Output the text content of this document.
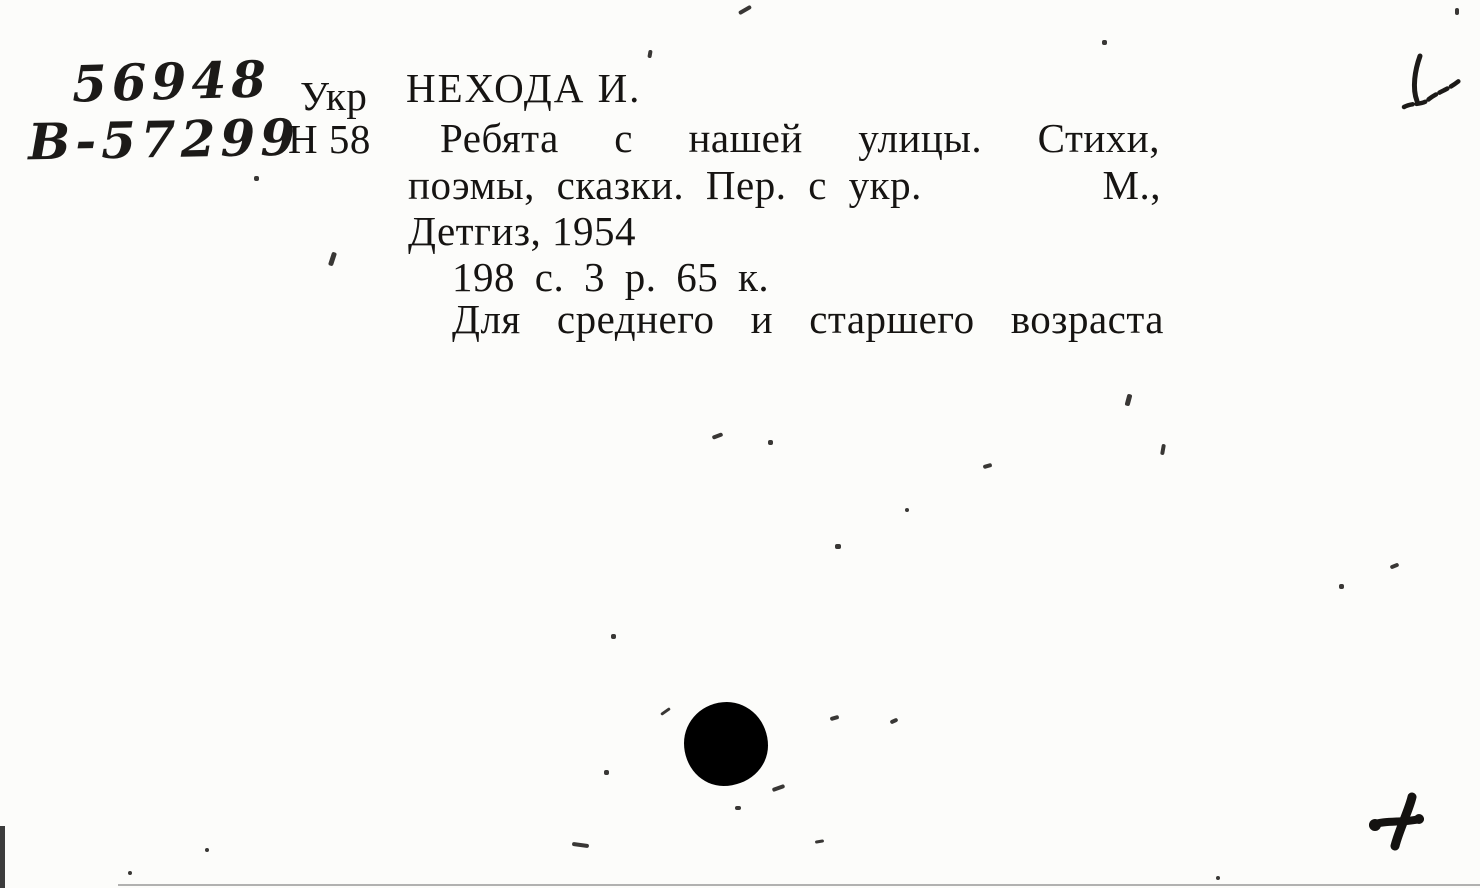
56948
В-57299
Укр НЕХОДА И.
Н 58 Ребята с нашей улицы. Стихи,
поэмы, сказки. Пер. с укр.	М.,
Детгиз, 1954
198 с. 3 р. 65 к.
Для среднего и старшего возраста
